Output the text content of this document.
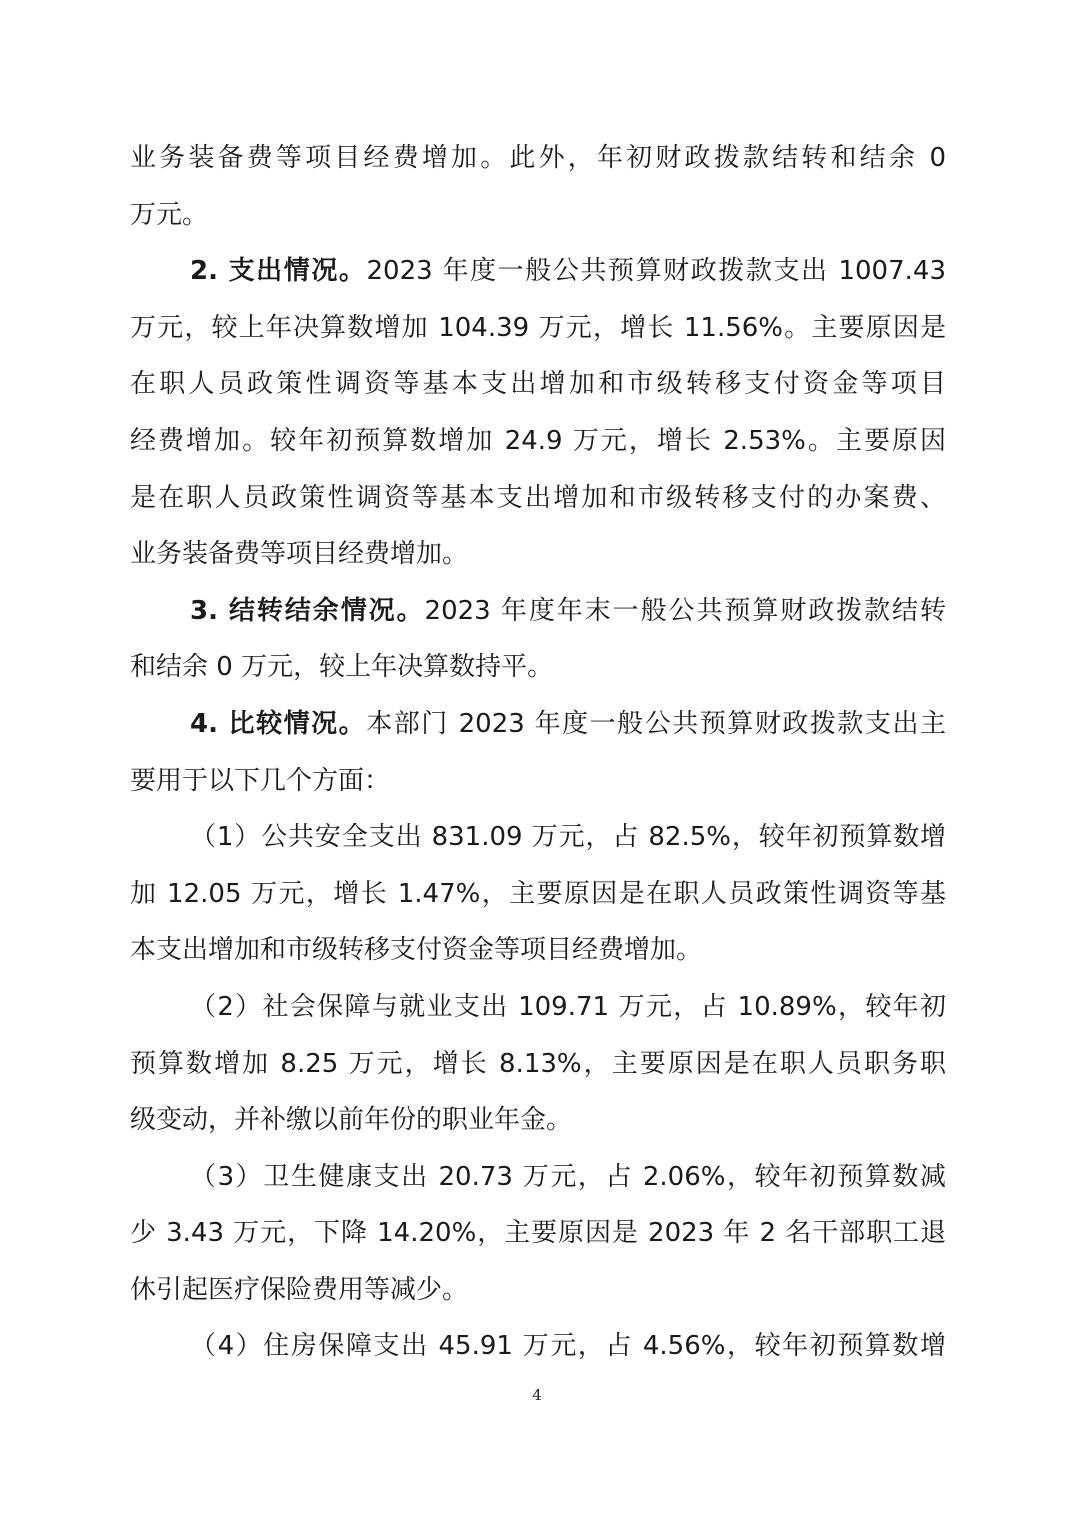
业务装备费等项目经费增加。此外，年初财政拨款结转和结余 0
万元。
2. 支出情况。2023 年度一般公共预算财政拨款支出 1007.43
万元，较上年决算数增加 104.39 万元，增长 11.56%。主要原因是
在职人员政策性调资等基本支出增加和市级转移支付资金等项目
经费增加。较年初预算数增加 24.9 万元，增长 2.53%。主要原因
是在职人员政策性调资等基本支出增加和市级转移支付的办案费、
业务装备费等项目经费增加。
3. 结转结余情况。2023 年度年末一般公共预算财政拨款结转
和结余 0 万元，较上年决算数持平。
4. 比较情况。本部门 2023 年度一般公共预算财政拨款支出主
要用于以下几个方面：
（1）公共安全支出 831.09 万元，占 82.5%，较年初预算数增
加 12.05 万元，增长 1.47%，主要原因是在职人员政策性调资等基
本支出增加和市级转移支付资金等项目经费增加。
（2）社会保障与就业支出 109.71 万元，占 10.89%，较年初
预算数增加 8.25 万元，增长 8.13%，主要原因是在职人员职务职
级变动，并补缴以前年份的职业年金。
（3）卫生健康支出 20.73 万元，占 2.06%，较年初预算数减
少 3.43 万元，下降 14.20%，主要原因是 2023 年 2 名干部职工退
休引起医疗保险费用等减少。
（4）住房保障支出 45.91 万元，占 4.56%，较年初预算数增
4
